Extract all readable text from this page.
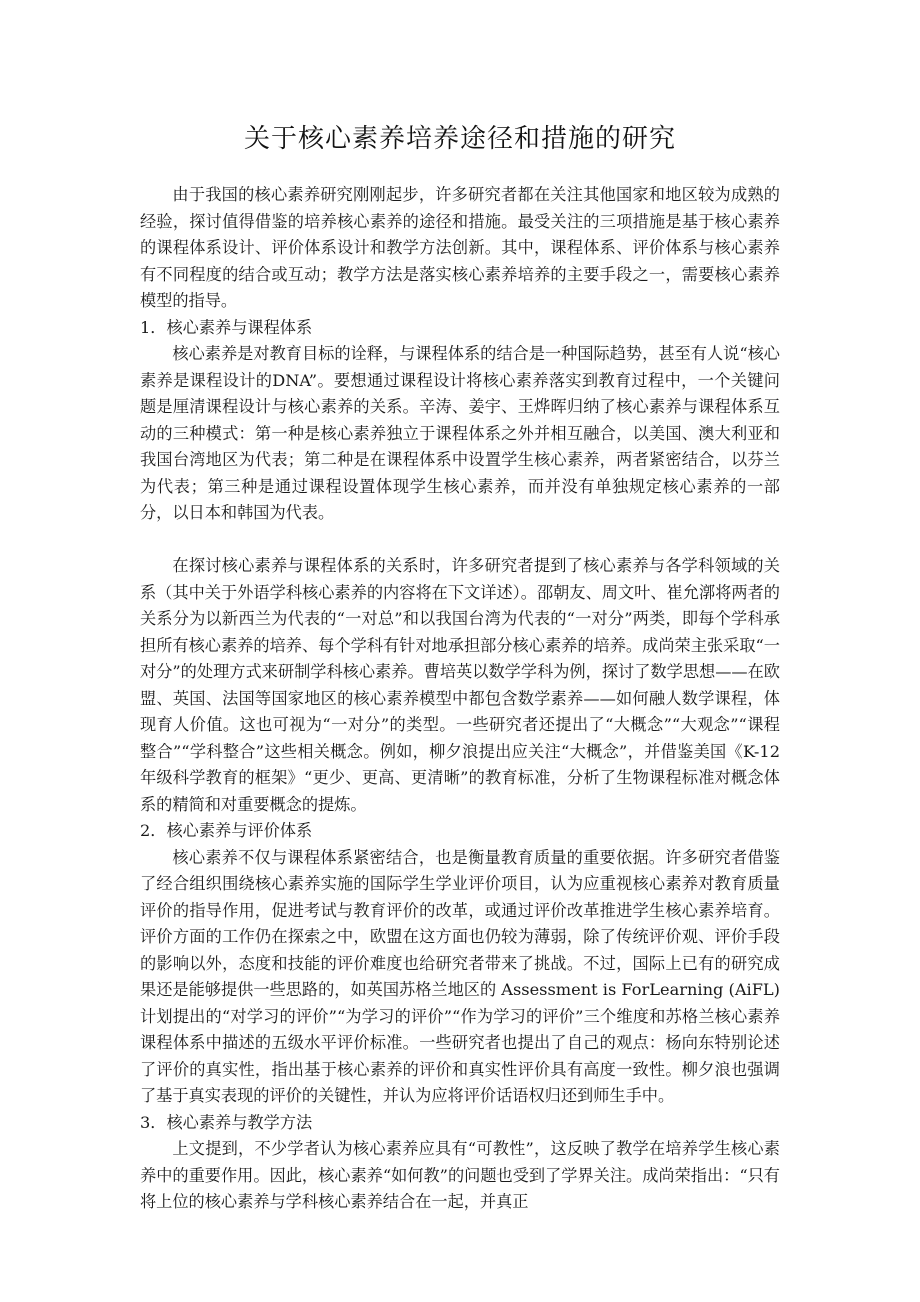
关于核心素养培养途径和措施的研究

由于我国的核心素养研究刚刚起步，许多研究者都在关注其他国家和地区较为成熟的经验，探讨值得借鉴的培养核心素养的途径和措施。最受关注的三项措施是基于核心素养的课程体系设计、评价体系设计和教学方法创新。其中，课程体系、评价体系与核心素养有不同程度的结合或互动；教学方法是落实核心素养培养的主要手段之一，需要核心素养模型的指导。

1．核心素养与课程体系

核心素养是对教育目标的诠释，与课程体系的结合是一种国际趋势，甚至有人说“核心素养是课程设计的DNA”。要想通过课程设计将核心素养落实到教育过程中，一个关键问题是厘清课程设计与核心素养的关系。辛涛、姜宇、王烨晖归纳了核心素养与课程体系互动的三种模式：第一种是核心素养独立于课程体系之外并相互融合，以美国、澳大利亚和我国台湾地区为代表；第二种是在课程体系中设置学生核心素养，两者紧密结合，以芬兰为代表；第三种是通过课程设置体现学生核心素养，而并没有单独规定核心素养的一部分，以日本和韩国为代表。

在探讨核心素养与课程体系的关系时，许多研究者提到了核心素养与各学科领域的关系（其中关于外语学科核心素养的内容将在下文详述）。邵朝友、周文叶、崔允漷将两者的关系分为以新西兰为代表的“一对总”和以我国台湾为代表的“一对分”两类，即每个学科承担所有核心素养的培养、每个学科有针对地承担部分核心素养的培养。成尚荣主张采取“一对分”的处理方式来研制学科核心素养。曹培英以数学学科为例，探讨了数学思想——在欧盟、英国、法国等国家地区的核心素养模型中都包含数学素养——如何融人数学课程，体现育人价值。这也可视为“一对分”的类型。一些研究者还提出了“大概念”“大观念”“课程整合”“学科整合”这些相关概念。例如，柳夕浪提出应关注“大概念”，并借鉴美国《K-12年级科学教育的框架》“更少、更高、更清晰”的教育标准，分析了生物课程标准对概念体系的精简和对重要概念的提炼。

2．核心素养与评价体系

核心素养不仅与课程体系紧密结合，也是衡量教育质量的重要依据。许多研究者借鉴了经合组织围绕核心素养实施的国际学生学业评价项目，认为应重视核心素养对教育质量评价的指导作用，促进考试与教育评价的改革，或通过评价改革推进学生核心素养培育。评价方面的工作仍在探索之中，欧盟在这方面也仍较为薄弱，除了传统评价观、评价手段的影响以外，态度和技能的评价难度也给研究者带来了挑战。不过，国际上已有的研究成果还是能够提供一些思路的，如英国苏格兰地区的 Assessment is ForLearning (AiFL)计划提出的“对学习的评价”“为学习的评价”“作为学习的评价”三个维度和苏格兰核心素养课程体系中描述的五级水平评价标准。一些研究者也提出了自己的观点：杨向东特别论述了评价的真实性，指出基于核心素养的评价和真实性评价具有高度一致性。柳夕浪也强调了基于真实表现的评价的关键性，并认为应将评价话语权归还到师生手中。

3．核心素养与教学方法

上文提到，不少学者认为核心素养应具有“可教性”，这反映了教学在培养学生核心素养中的重要作用。因此，核心素养“如何教”的问题也受到了学界关注。成尚荣指出：“只有将上位的核心素养与学科核心素养结合在一起，并真正
